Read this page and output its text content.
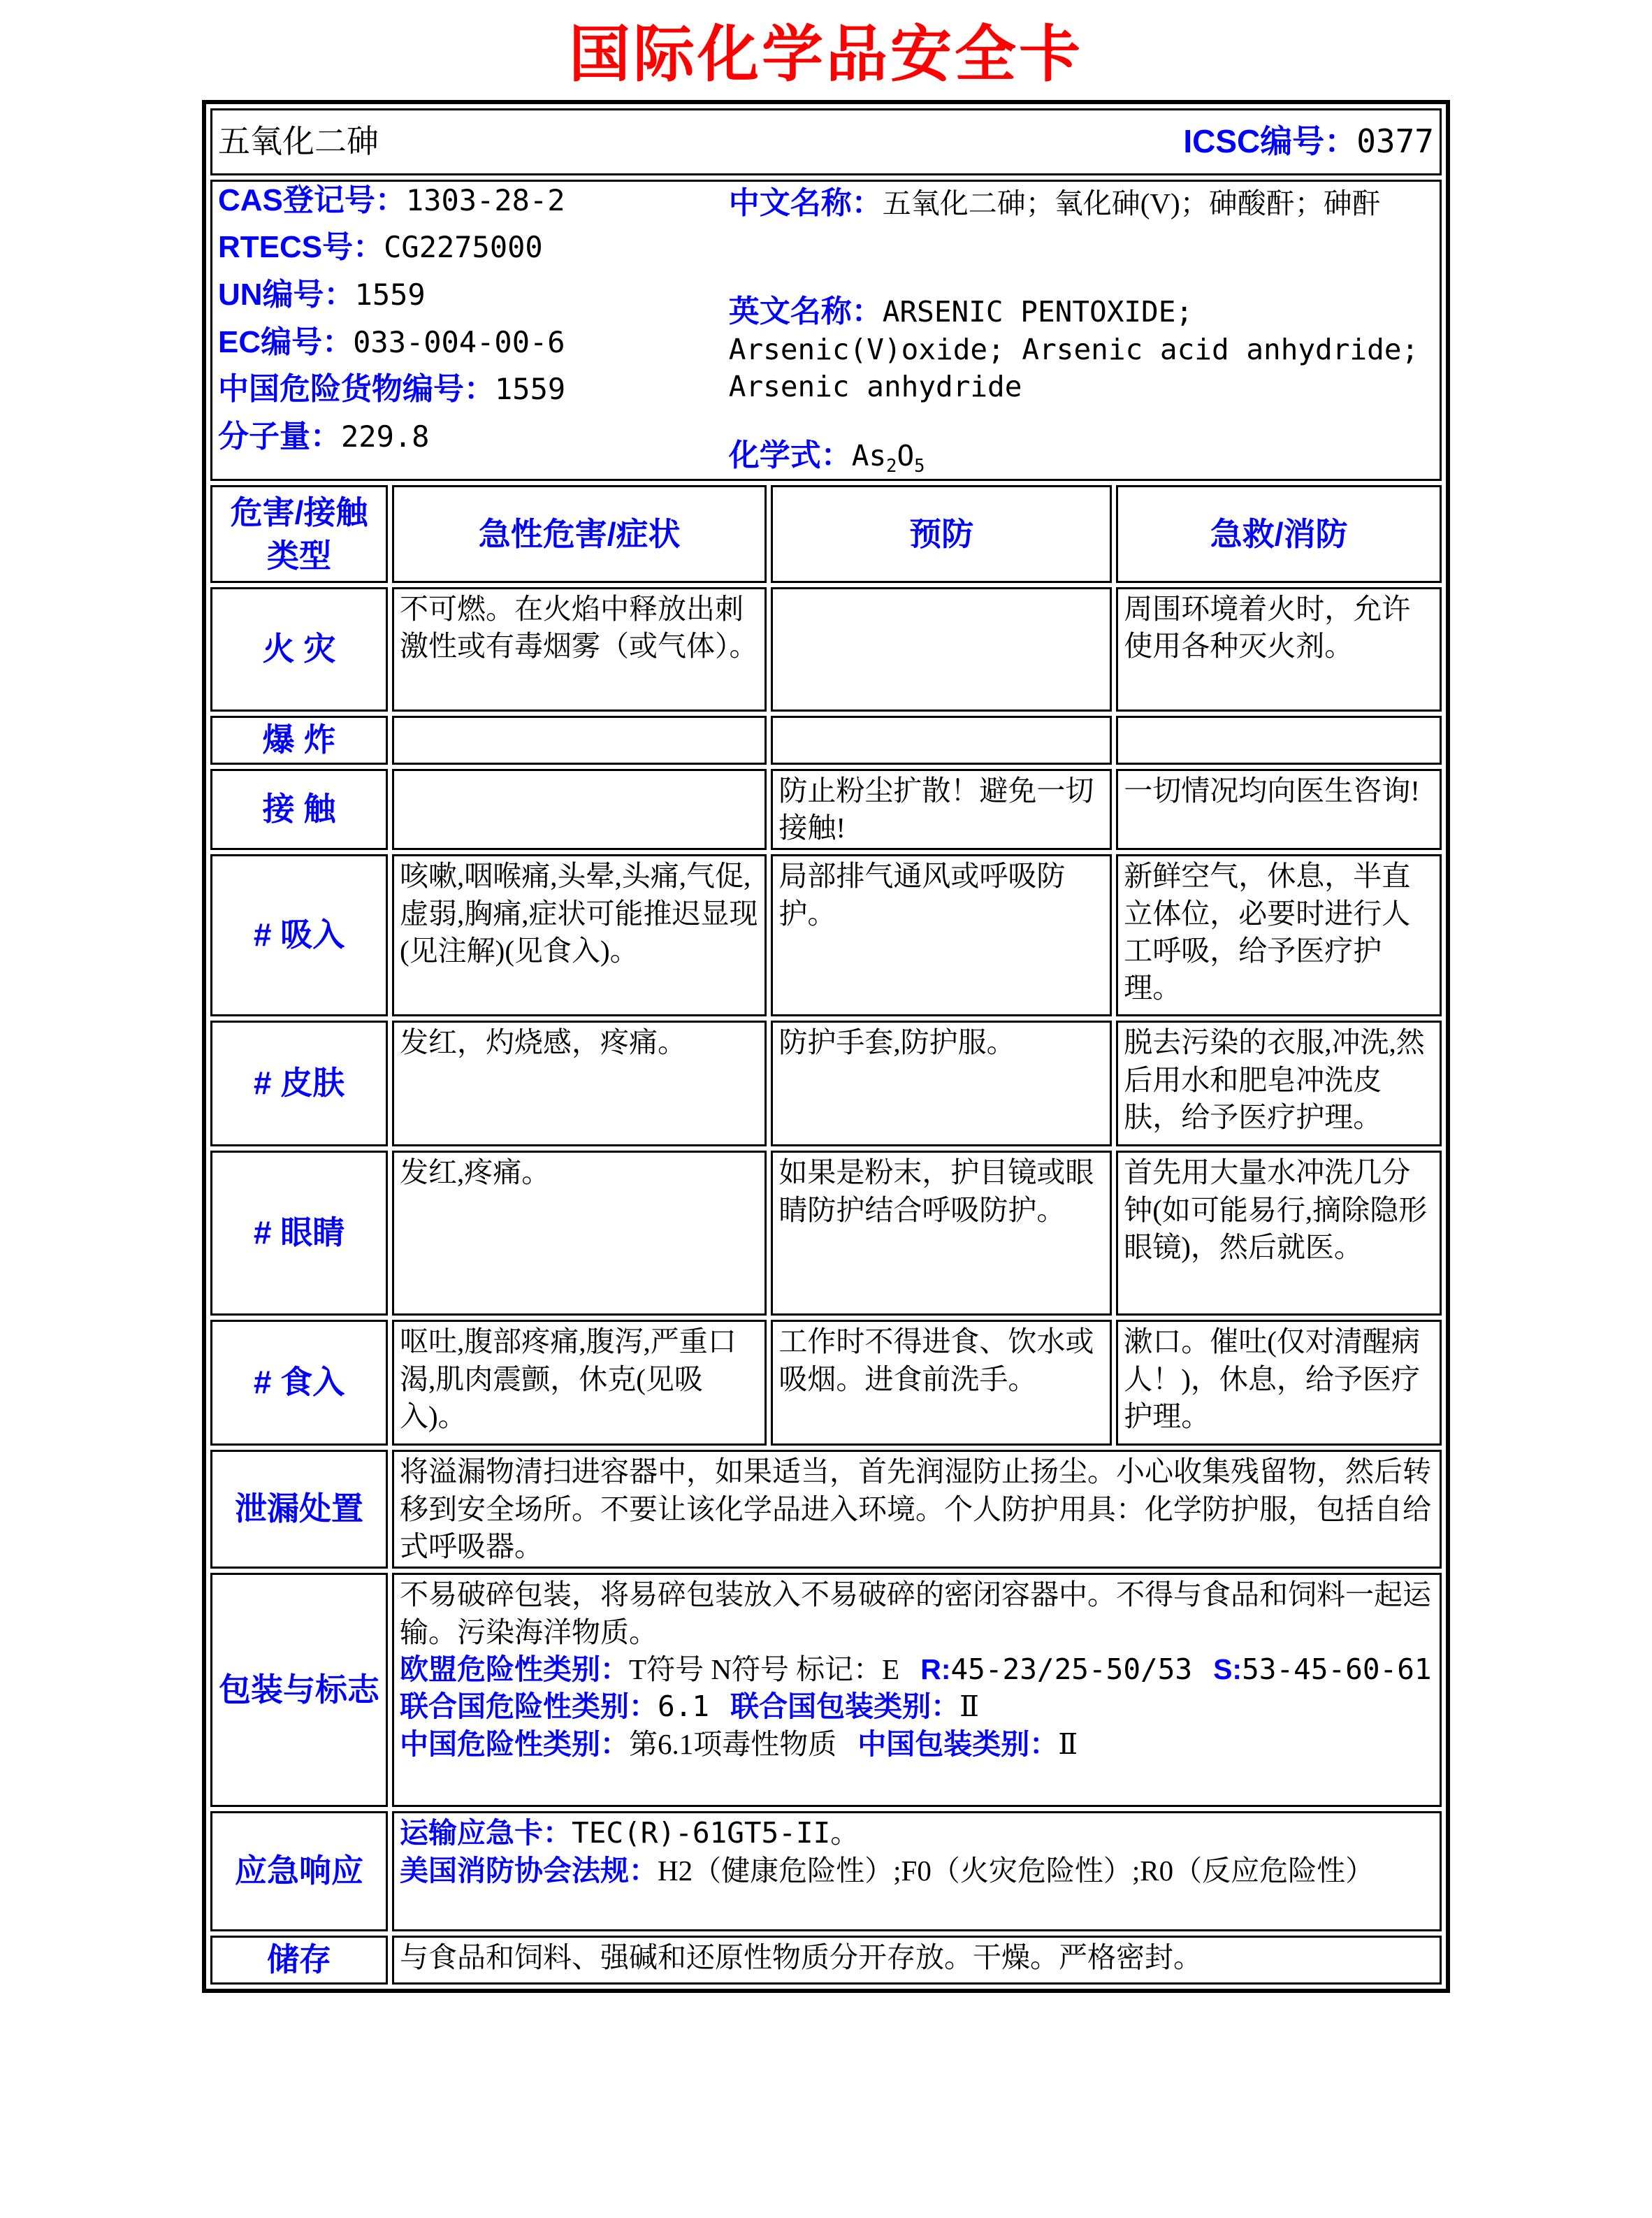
国际化学品安全卡
五氧化二砷 ICSC编号：0377			

CAS登记号：1303-28-2
RTECS号：CG2275000
UN编号：1559
EC编号：033-004-00-6
中国危险货物编号：1559
分子量：229.8
中文名称：五氧化二砷；氧化砷(V)；砷酸酐；砷酐
英文名称：ARSENIC PENTOXIDE; Arsenic(V)oxide; Arsenic acid anhydride; Arsenic anhydride
化学式：$As_2O_5$

危害/接触类型	急性危害/症状	预防	急救/消防
火 灾	不可燃。在火焰中释放出刺激性或有毒烟雾（或气体）。		周围环境着火时，允许使用各种灭火剂。
爆 炸			
接 触		防止粉尘扩散！避免一切接触!	一切情况均向医生咨询!
# 吸入	咳嗽,咽喉痛,头晕,头痛,气促,虚弱,胸痛,症状可能推迟显现(见注解)(见食入)。	局部排气通风或呼吸防护。	新鲜空气，休息，半直立体位，必要时进行人工呼吸，给予医疗护理。
# 皮肤	发红，灼烧感，疼痛。	防护手套,防护服。	脱去污染的衣服,冲洗,然后用水和肥皂冲洗皮肤，给予医疗护理。
# 眼睛	发红,疼痛。	如果是粉末，护目镜或眼睛防护结合呼吸防护。	首先用大量水冲洗几分钟(如可能易行,摘除隐形眼镜)，然后就医。
# 食入	呕吐,腹部疼痛,腹泻,严重口渴,肌肉震颤，休克(见吸入)。	工作时不得进食、饮水或吸烟。进食前洗手。	漱口。催吐(仅对清醒病人！)，休息，给予医疗护理。
泄漏处置	将溢漏物清扫进容器中，如果适当，首先润湿防止扬尘。小心收集残留物，然后转移到安全场所。不要让该化学品进入环境。个人防护用具：化学防护服，包括自给式呼吸器。		
包装与标志	不易破碎包装，将易碎包装放入不易破碎的密闭容器中。不得与食品和饲料一起运输。污染海洋物质。
欧盟危险性类别：T符号 N符号 标记：E R:45-23/25-50/53 S:53-45-60-61
联合国危险性类别：6.1 联合国包装类别：Ⅱ
中国危险性类别：第6.1项毒性物质 中国包装类别：Ⅱ		

应急响应	运输应急卡：TEC(R)-61GT5-II。
美国消防协会法规：H2（健康危险性）;F0（火灾危险性）;R0（反应危险性）		

储存	与食品和饲料、强碱和还原性物质分开存放。干燥。严格密封。		
